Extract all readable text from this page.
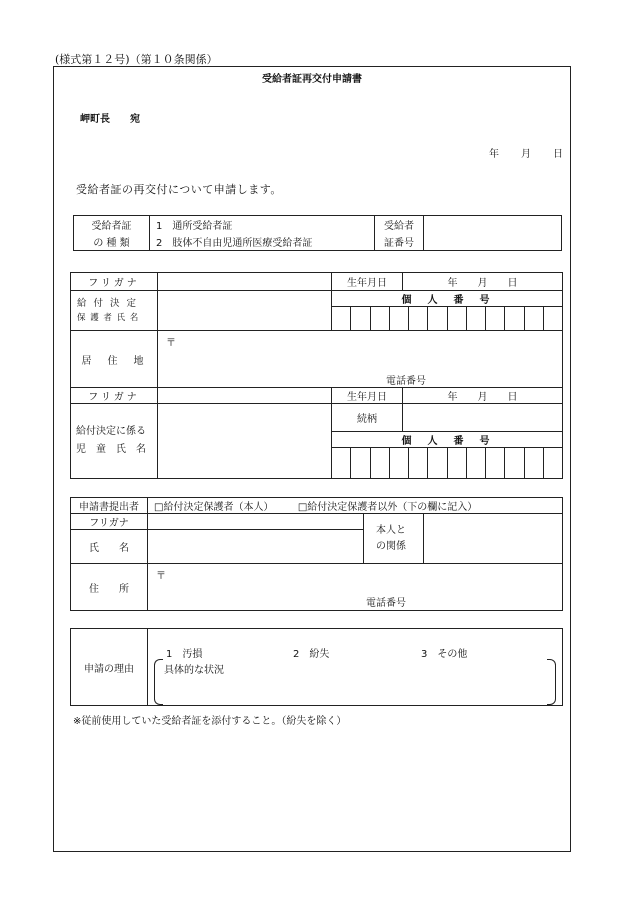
(様式第１２号)（第１０条関係）
受給者証再交付申請書
岬町長　　宛
年 月 日
受給者証の再交付について申請します。
受給者証	1　通所受給者証	受給者	
の 種 類	2　肢体不自由児通所医療受給者証	証番号	
フリガナ		生年月日	年　　月　　日

給 付 決 定
保 護 者 氏 名		個　人　番　号	

居　住　地	〒
電話番号		

フリガナ		生年月日	年　　月　　日

給付決定に係る
児　童　氏　名		続柄	
		個　人　番　号	

申請書提出者	□給付決定保護者（本人） □給付決定保護者以外（下の欄に記入）		
フリガナ		本人と
の関係	

氏　　名			
住　　所	〒
電話番号		
申請の理由	
1　汚損	2　紛失	3　その他
具体的な状況
※従前使用していた受給者証を添付すること。（紛失を除く）
